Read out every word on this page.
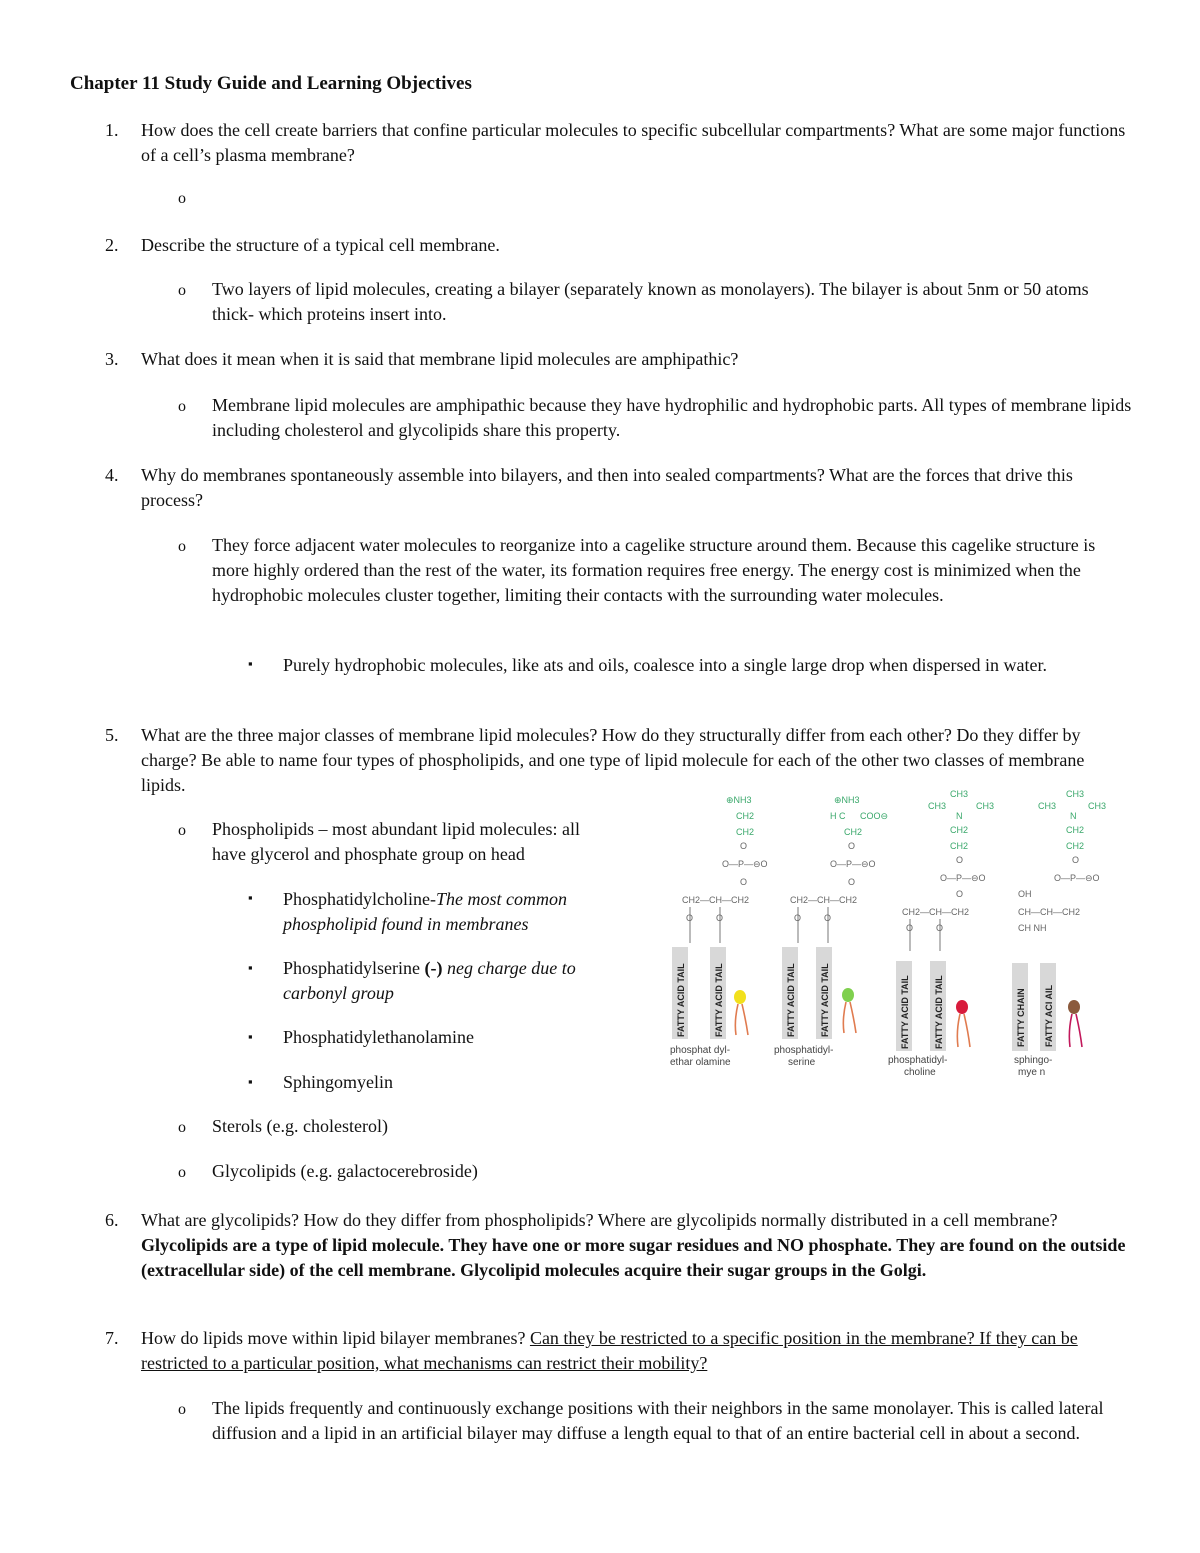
Chapter 11 Study Guide and Learning Objectives
1.	How does the cell create barriers that confine particular molecules to specific subcellular compartments? What are some major functions of a cell’s plasma membrane?
o
2.	Describe the structure of a typical cell membrane.
o Two layers of lipid molecules, creating a bilayer (separately known as monolayers). The bilayer is about 5nm or 50 atoms thick- which proteins insert into.
3.	What does it mean when it is said that membrane lipid molecules are amphipathic?
o Membrane lipid molecules are amphipathic because they have hydrophilic and hydrophobic parts. All types of membrane lipids including cholesterol and glycolipids share this property.
4.	Why do membranes spontaneously assemble into bilayers, and then into sealed compartments? What are the forces that drive this process?
o They force adjacent water molecules to reorganize into a cagelike structure around them. Because this cagelike structure is more highly ordered than the rest of the water, its formation requires free energy. The energy cost is minimized when the hydrophobic molecules cluster together, limiting their contacts with the surrounding water molecules.
▪ Purely hydrophobic molecules, like ats and oils, coalesce into a single large drop when dispersed in water.
5.	What are the three major classes of membrane lipid molecules? How do they structurally differ from each other? Do they differ by charge? Be able to name four types of phospholipids, and one type of lipid molecule for each of the other two classes of membrane lipids.
o Phospholipids – most abundant lipid molecules: all
have glycerol and phosphate group on head
▪ Phosphatidylcholine-The most common
phospholipid found in membranes
▪ Phosphatidylserine (-) neg charge due to
carbonyl group
▪ Phosphatidylethanolamine
▪ Sphingomyelin
o Sterols (e.g. cholesterol)
o Glycolipids (e.g. galactocerebroside)
⊕NH3
CH2
CH2
O
O—P—⊖O
O
CH2—CH—CH2
O	O
FATTY ACID TAIL	FATTY ACID TAIL
phosphat dyl-
ethar olamine
⊕NH3
H C COO⊖
CH2
O
O—P—⊖O
O
CH2—CH—CH2
O	O
FATTY ACID TAIL	FATTY ACID TAIL
phosphatidyl-
serine
CH3
CH3	CH3
N
CH2
CH2
O
O—P—⊖O
O
CH2—CH—CH2
O	O
FATTY ACID TAIL	FATTY ACID TAIL
phosphatidyl-
choline
CH3
CH3	CH3
N
CH2
CH2
O
O—P—⊖O
OH
CH—CH—CH2
CH NH
FATTY CHAIN FATTY ACI AIL
sphingo-
mye n
6.	What are glycolipids? How do they differ from phospholipids? Where are glycolipids normally distributed in a cell membrane? Glycolipids are a type of lipid molecule. They have one or more sugar residues and NO phosphate. They are found on the outside (extracellular side) of the cell membrane. Glycolipid molecules acquire their sugar groups in the Golgi.
7.	How do lipids move within lipid bilayer membranes? Can they be restricted to a specific position in the membrane? If they can be restricted to a particular position, what mechanisms can restrict their mobility?
o The lipids frequently and continuously exchange positions with their neighbors in the same monolayer. This is called lateral diffusion and a lipid in an artificial bilayer may diffuse a length equal to that of an entire bacterial cell in about a second.
